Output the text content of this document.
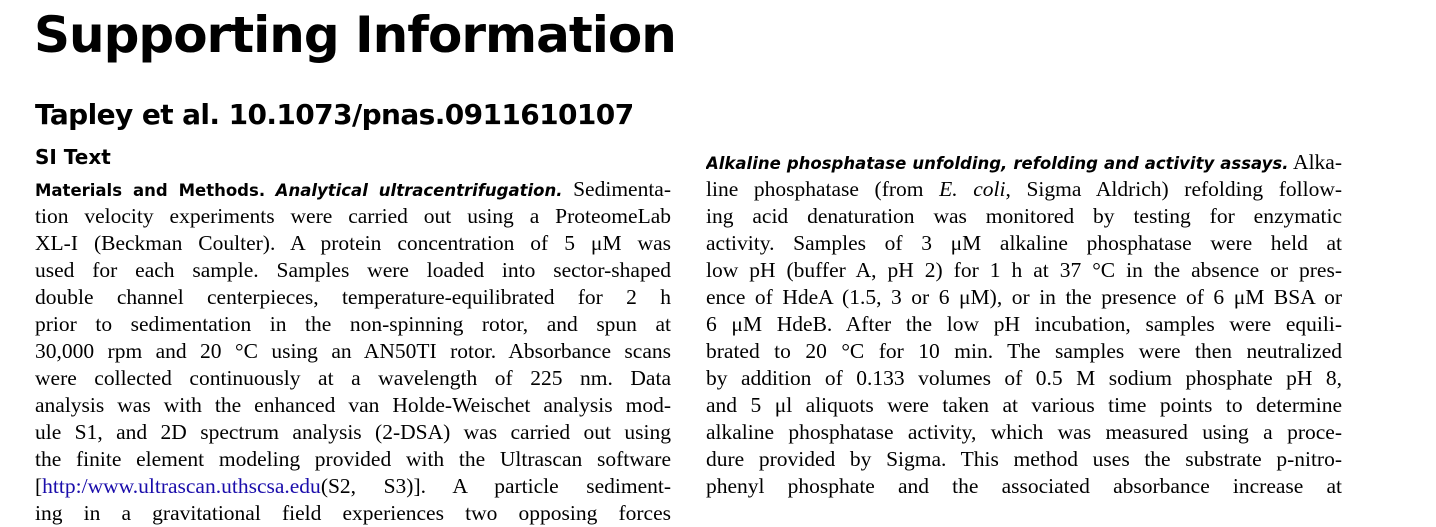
Supporting Information
Tapley et al. 10.1073/pnas.0911610107
SI Text
Materials and Methods. Analytical ultracentrifugation. Sedimenta-
tion velocity experiments were carried out using a ProteomeLab
XL-I (Beckman Coulter). A protein concentration of 5 μM was
used for each sample. Samples were loaded into sector-shaped
double channel centerpieces, temperature-equilibrated for 2 h
prior to sedimentation in the non-spinning rotor, and spun at
30,000 rpm and 20 °C using an AN50TI rotor. Absorbance scans
were collected continuously at a wavelength of 225 nm. Data
analysis was with the enhanced van Holde-Weischet analysis mod-
ule S1, and 2D spectrum analysis (2-DSA) was carried out using
the finite element modeling provided with the Ultrascan software
[http:/www.ultrascan.uthscsa.edu(S2, S3)]. A particle sediment-
ing in a gravitational field experiences two opposing forces
Alkaline phosphatase unfolding, refolding and activity assays. Alka-
line phosphatase (from E. coli, Sigma Aldrich) refolding follow-
ing acid denaturation was monitored by testing for enzymatic
activity. Samples of 3 μM alkaline phosphatase were held at
low pH (buffer A, pH 2) for 1 h at 37 °C in the absence or pres-
ence of HdeA (1.5, 3 or 6 μM), or in the presence of 6 μM BSA or
6 μM HdeB. After the low pH incubation, samples were equili-
brated to 20 °C for 10 min. The samples were then neutralized
by addition of 0.133 volumes of 0.5 M sodium phosphate pH 8,
and 5 μl aliquots were taken at various time points to determine
alkaline phosphatase activity, which was measured using a proce-
dure provided by Sigma. This method uses the substrate p-nitro-
phenyl phosphate and the associated absorbance increase at
